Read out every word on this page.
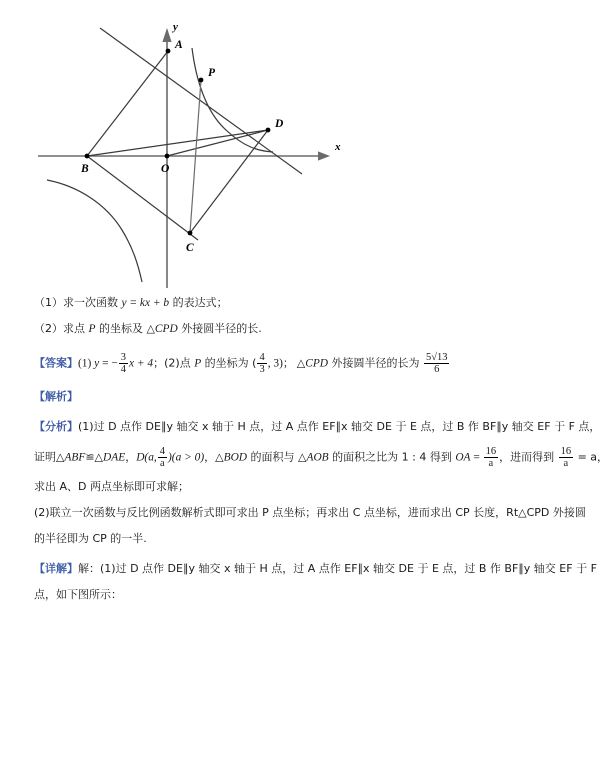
A
P
D
B	O
C
x
y

（1）求一次函数 y = kx + b 的表达式；

（2）求点 P 的坐标及 △CPD 外接圆半径的长.

【答案】(1) y = − $\frac{3}{4}$ x + 4；(2)点 P 的坐标为 ( $\frac{4}{3}$ , 3)； △CPD 外接圆半径的长为 $\frac{5√13}{6}$

【解析】

【分析】(1)过 D 点作 DE∥y 轴交 x 轴于 H 点，过 A 点作 EF∥x 轴交 DE 于 E 点，过 B 作 BF∥y 轴交 EF 于 F 点，

证明△ABF≌△DAE，D(a, $\frac{4}{a} )(a > 0)$，△BOD 的面积与 △AOB 的面积之比为 1 : 4 得到 OA = $\frac{16}{a}$ ，进而得到 $\frac{16}{a} = a$，

求出 A、D 两点坐标即可求解；

(2)联立一次函数与反比例函数解析式即可求出 P 点坐标；再求出 C 点坐标，进而求出 CP 长度，Rt△CPD 外接圆

的半径即为 CP 的一半.

【详解】解：(1)过 D 点作 DE∥y 轴交 x 轴于 H 点，过 A 点作 EF∥x 轴交 DE 于 E 点，过 B 作 BF∥y 轴交 EF 于 F

点，如下图所示：
